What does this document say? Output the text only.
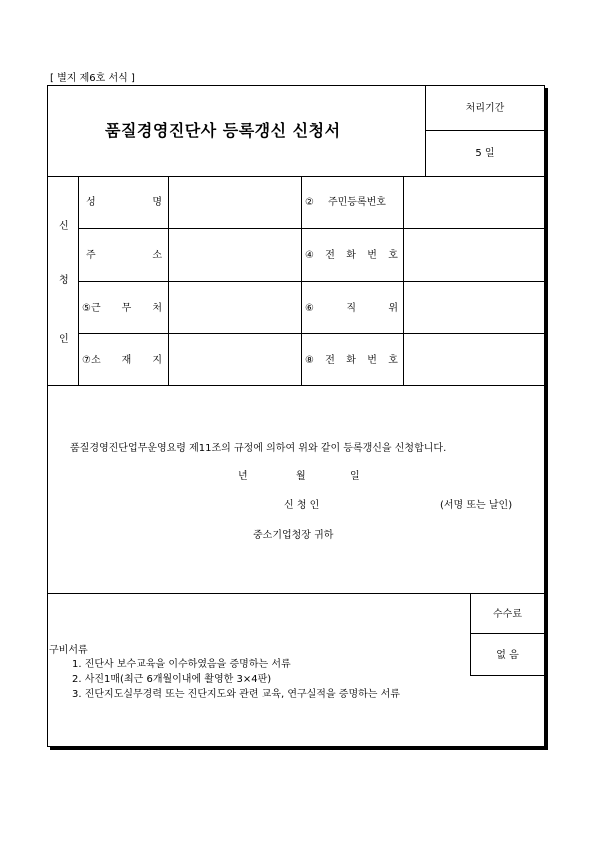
[ 별지 제6호 서식 ]
품질경영진단사 등록갱신 신청서
처리기간
5 일
신
청
인
성	명	② 주민등록번호
주	소	④ 전 화 번 호
⑤근 무 처	⑥	직	위
⑦소 재 지	⑧ 전 화 번 호
품질경영진단업무운영요령 제11조의 규정에 의하여 위와 같이 등록갱신을 신청합니다.
년	월	일
신 청 인	(서명 또는 날인)
중소기업청장 귀하
수수료
없 음
구비서류
1. 진단사 보수교육을 이수하였음을 증명하는 서류
2. 사진1매(최근 6개월이내에 촬영한 3×4판)
3. 진단지도실무경력 또는 진단지도와 관련 교육, 연구실적을 증명하는 서류
